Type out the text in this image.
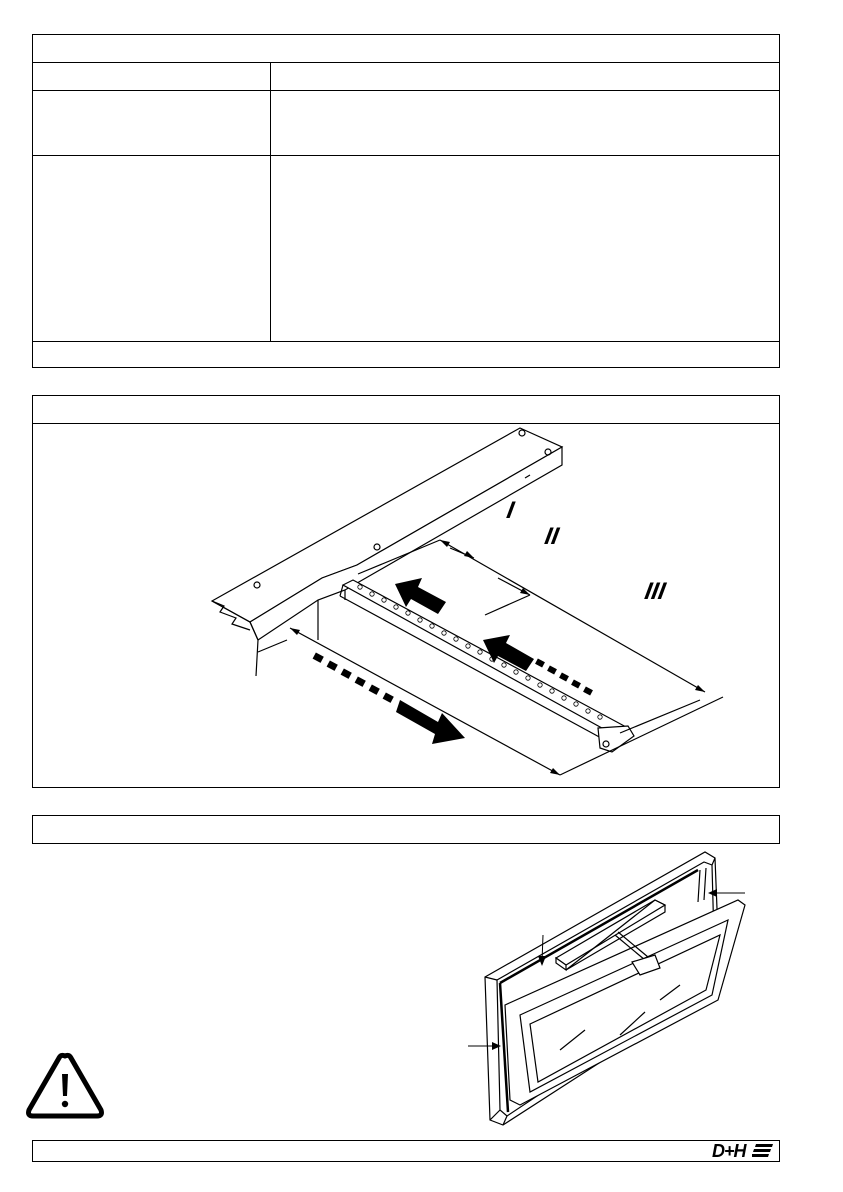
I
II
III
D+H
